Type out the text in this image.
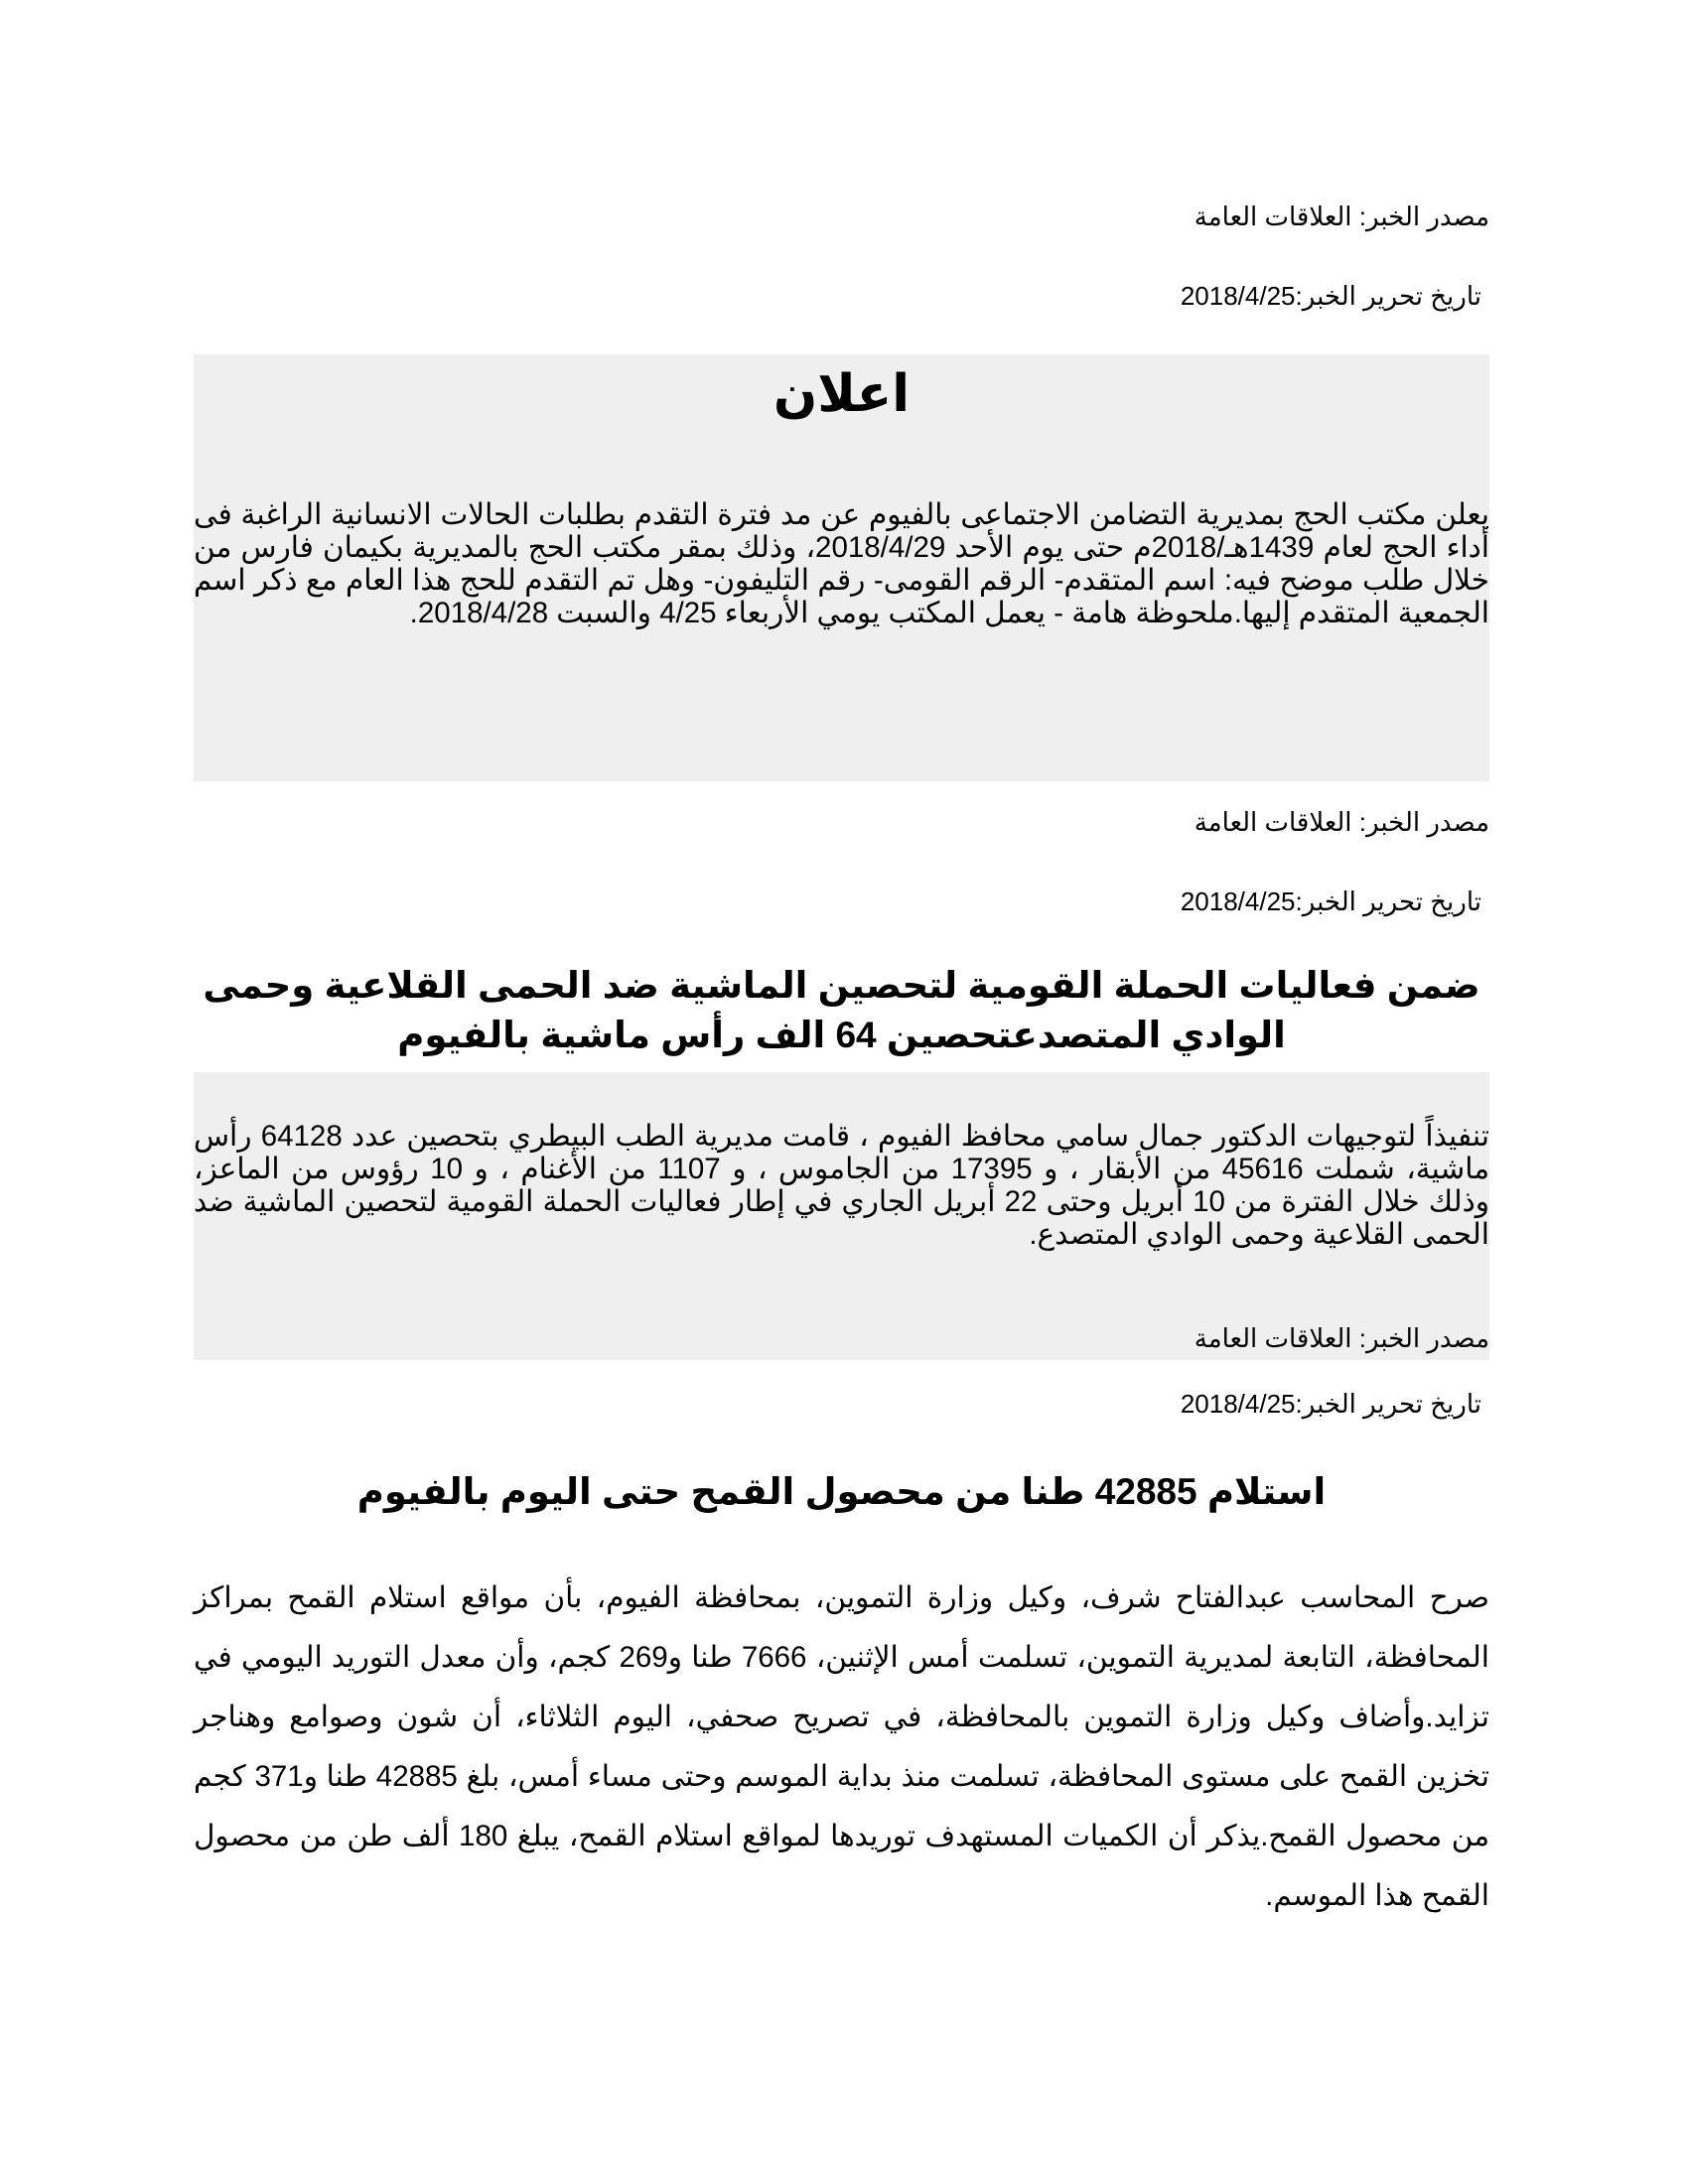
مصدر الخبر: العلاقات العامة
تاريخ تحرير الخبر:2018/4/25
اعلان
يعلن مكتب الحج بمديرية التضامن الاجتماعى بالفيوم عن مد فترة التقدم بطلبات الحالات الانسانية الراغبة فى أداء الحج لعام 1439هـ/2018م حتى يوم الأحد 2018/4/29، وذلك بمقر مكتب الحج بالمديرية بكيمان فارس من خلال طلب موضح فيه: اسم المتقدم- الرقم القومى- رقم التليفون- وهل تم التقدم للحج هذا العام مع ذكر اسم الجمعية المتقدم إليها.ملحوظة هامة - يعمل المكتب يومي الأربعاء 4/25 والسبت 2018/4/28.
مصدر الخبر: العلاقات العامة
تاريخ تحرير الخبر:2018/4/25
ضمن فعاليات الحملة القومية لتحصين الماشية ضد الحمى القلاعية وحمى الوادي المتصدعتحصين 64 الف رأس ماشية بالفيوم
تنفيذاً لتوجيهات الدكتور جمال سامي محافظ الفيوم ، قامت مديرية الطب البيطري بتحصين عدد 64128 رأس ماشية، شملت 45616 من الأبقار ، و 17395 من الجاموس ، و 1107 من الأغنام ، و 10 رؤوس من الماعز، وذلك خلال الفترة من 10 أبريل وحتى 22 أبريل الجاري في إطار فعاليات الحملة القومية لتحصين الماشية ضد الحمى القلاعية وحمى الوادي المتصدع.
مصدر الخبر: العلاقات العامة
تاريخ تحرير الخبر:2018/4/25
استلام 42885 طنا من محصول القمح حتى اليوم بالفيوم
صرح المحاسب عبدالفتاح شرف، وكيل وزارة التموين، بمحافظة الفيوم، بأن مواقع استلام القمح بمراكز المحافظة، التابعة لمديرية التموين، تسلمت أمس الإثنين، 7666 طنا و269 كجم، وأن معدل التوريد اليومي في تزايد.وأضاف وكيل وزارة التموين بالمحافظة، في تصريح صحفي، اليوم الثلاثاء، أن شون وصوامع وهناجر تخزين القمح على مستوى المحافظة، تسلمت منذ بداية الموسم وحتى مساء أمس، بلغ 42885 طنا و371 كجم من محصول القمح.يذكر أن الكميات المستهدف توريدها لمواقع استلام القمح، يبلغ 180 ألف طن من محصول القمح هذا الموسم.
